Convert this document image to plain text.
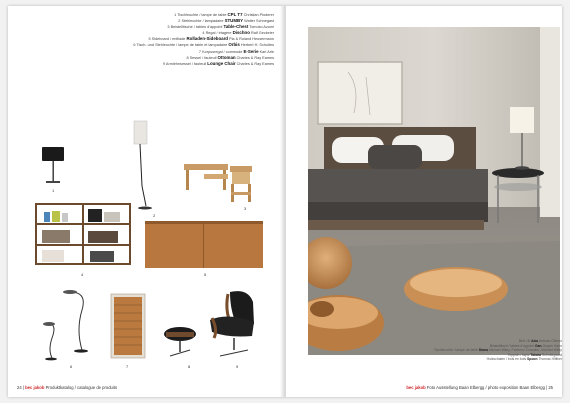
1 Tischleuchte / lampe de table CPL T7 Christian Ploderer
2 Stehleuchte / lampadaire STUMBY Walter Schnegast
3 Beistelltische / tables d'appoint Table-Chest Tomoko Azumi
4 Regal / étagère Dischno Ralf Geckeler
5 Sideboard / enfilade Rolladen-Sideboard Pia & Roland Heusermann
6 Tisch- und Stehleuchte / lampe de table et lampadaire Orbis Herbert H. Schultes
7 Korpusregal / commode E-Serie Karl Arle
8 Sessel / fauteuil Ottoman Charles & Ray Eames
9 Armlehnsessel / fauteuil Lounge Chair Charles & Ray Eames
1
2
3
4	5
6	7	8	9
24 | bec jakob Produktkatalog / catalogue de produits
Bett / lit Azia Antonio Citterio
Beistelltisch / tables d'appoint Gan Jürgen Hahn
Tischleuchte / lampe de table Diana Michael Wiley, Federico Colombo, Michael Wiley
Teppich / tapis Takara Schmidgaard
Holzschalen / bols en bois Spoon Thomas Hilfiker
bec jakob Foto Ausstellung Baan Elbergg / photo exposition Baan Elbergg | 25
